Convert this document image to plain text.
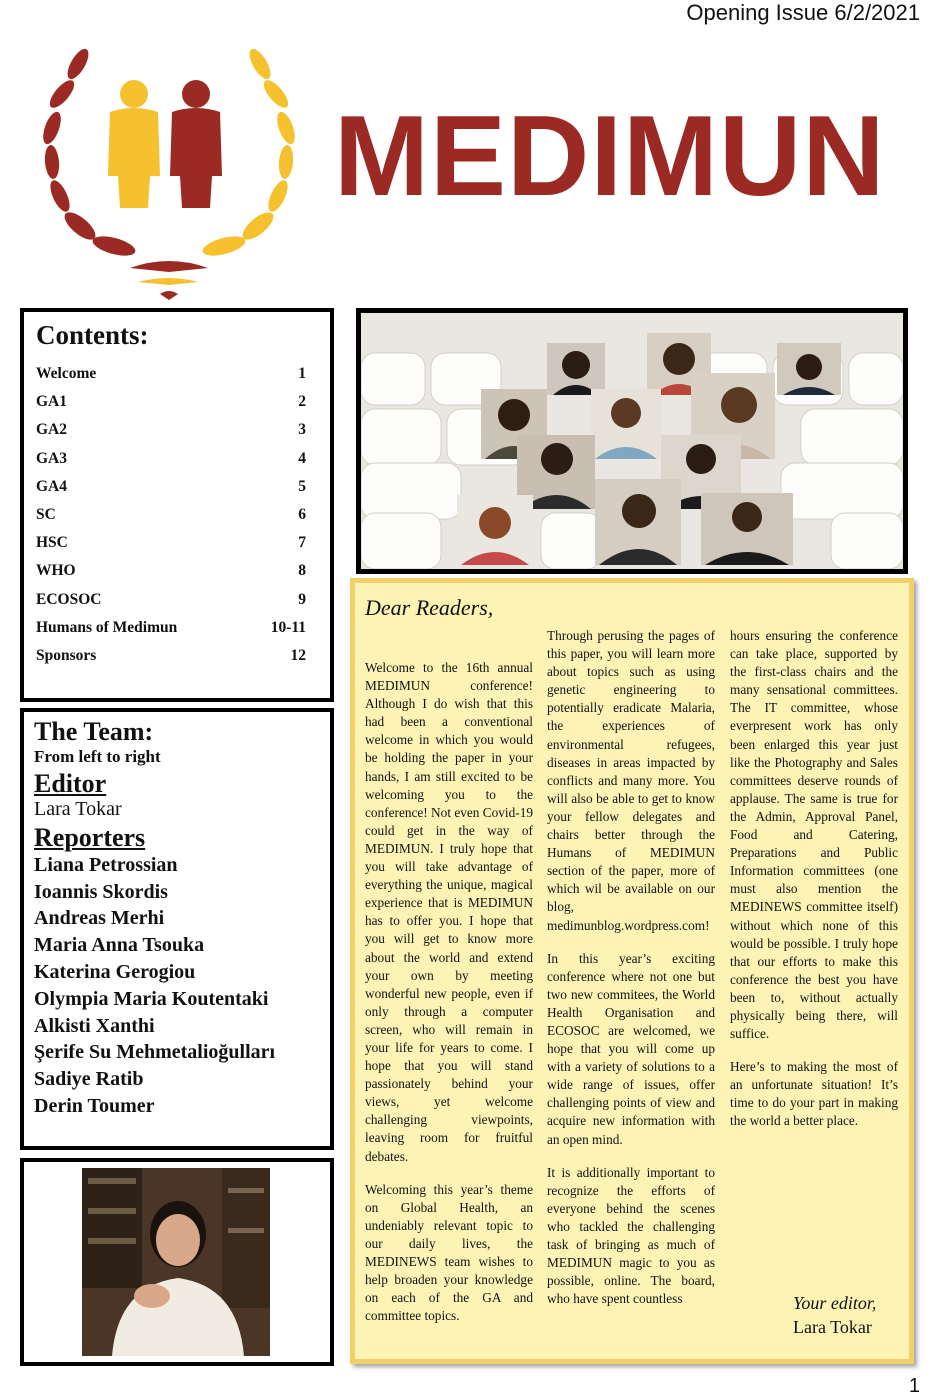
Opening Issue 6/2/2021
MEDIMUN
Contents:
Welcome	1
GA1	2
GA2	3
GA3	4
GA4	5
SC	6
HSC	7
WHO	8
ECOSOC	9
Humans of Medimun	10-11
Sponsors	12
The Team:
From left to right
Editor
Lara Tokar
Reporters
Liana Petrossian
Ioannis Skordis
Andreas Merhi
Maria Anna Tsouka
Katerina Gerogiou
Olympia Maria Koutentaki
Alkisti Xanthi
Şerife Su Mehmetalioğulları
Sadiye Ratib
Derin Toumer
Dear Readers,

Welcome to the 16th annual MEDIMUN conference! Although I do wish that this had been a conventional welcome in which you would be holding the paper in your hands, I am still excited to be welcoming you to the conference! Not even Covid-19 could get in the way of MEDIMUN. I truly hope that you will take advantage of everything the unique, magical experience that is MEDIMUN has to offer you. I hope that you will get to know more about the world and extend your own by meeting wonderful new people, even if only through a computer screen, who will remain in your life for years to come. I hope that you will stand passionately behind your views, yet welcome challenging viewpoints, leaving room for fruitful debates.

Welcoming this year’s theme on Global Health, an undeniably relevant topic to our daily lives, the MEDINEWS team wishes to help broaden your knowledge on each of the GA and committee topics.

Through perusing the pages of this paper, you will learn more about topics such as using genetic engineering to potentially eradicate Malaria, the experiences of environmental refugees, diseases in areas impacted by conflicts and many more. You will also be able to get to know your fellow delegates and chairs better through the Humans of MEDIMUN section of the paper, more of which wil be available on our blog, medimunblog.wordpress.com!

In this year’s exciting conference where not one but two new commitees, the World Health Organisation and ECOSOC are welcomed, we hope that you will come up with a variety of solutions to a wide range of issues, offer challenging points of view and acquire new information with an open mind.

It is additionally important to recognize the efforts of everyone behind the scenes who tackled the challenging task of bringing as much of MEDIMUN magic to you as possible, online. The board, who have spent countless

hours ensuring the conference can take place, supported by the first-class chairs and the many sensational committees. The IT committee, whose everpresent work has only been enlarged this year just like the Photography and Sales committees deserve rounds of applause. The same is true for the Admin, Approval Panel, Food and Catering, Preparations and Public Information committees (one must also mention the MEDINEWS committee itself) without which none of this would be possible. I truly hope that our efforts to make this conference the best you have been to, without actually physically being there, will suffice.

Here’s to making the most of an unfortunate situation! It’s time to do your part in making the world a better place.

Your editor,
Lara Tokar
1
